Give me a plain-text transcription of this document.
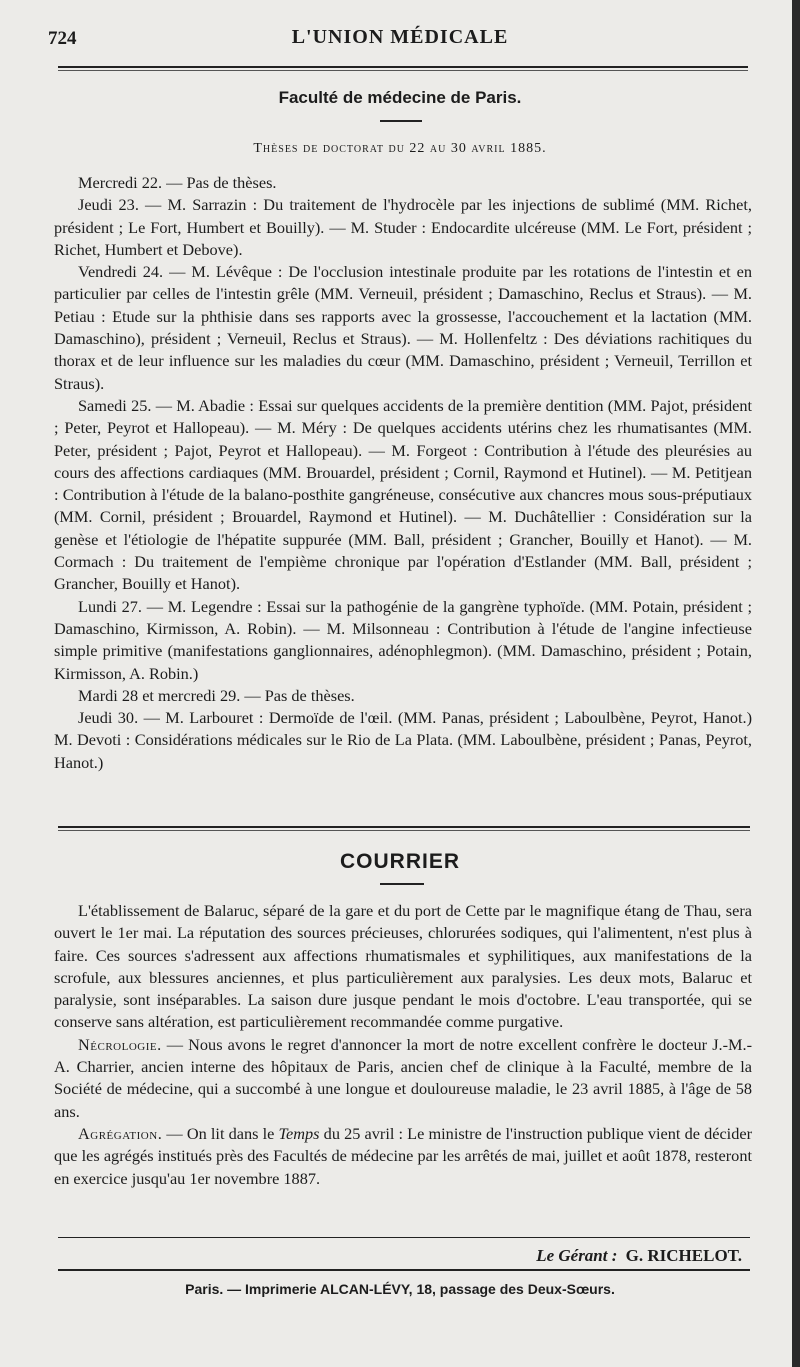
724	L'UNION MÉDICALE
Faculté de médecine de Paris.
Thèses de doctorat du 22 au 30 avril 1885.

Mercredi 22. — Pas de thèses.

Jeudi 23. — M. Sarrazin : Du traitement de l'hydrocèle par les injections de sublimé (MM. Richet, président ; Le Fort, Humbert et Bouilly). — M. Studer : Endocardite ulcéreuse (MM. Le Fort, président ; Richet, Humbert et Debove).

Vendredi 24. — M. Lévêque : De l'occlusion intestinale produite par les rotations de l'intestin et en particulier par celles de l'intestin grêle (MM. Verneuil, président ; Damaschino, Reclus et Straus). — M. Petiau : Etude sur la phthisie dans ses rapports avec la grossesse, l'accouchement et la lactation (MM. Damaschino), président ; Verneuil, Reclus et Straus). — M. Hollenfeltz : Des déviations rachitiques du thorax et de leur influence sur les maladies du cœur (MM. Damaschino, président ; Verneuil, Terrillon et Straus).

Samedi 25. — M. Abadie : Essai sur quelques accidents de la première dentition (MM. Pajot, président ; Peter, Peyrot et Hallopeau). — M. Méry : De quelques accidents utérins chez les rhumatisantes (MM. Peter, président ; Pajot, Peyrot et Hallopeau). — M. Forgeot : Contribution à l'étude des pleurésies au cours des affections cardiaques (MM. Brouardel, président ; Cornil, Raymond et Hutinel). — M. Petitjean : Contribution à l'étude de la balano-posthite gangréneuse, consécutive aux chancres mous sous-préputiaux (MM. Cornil, président ; Brouardel, Raymond et Hutinel). — M. Duchâtellier : Considération sur la genèse et l'étiologie de l'hépatite suppurée (MM. Ball, président ; Grancher, Bouilly et Hanot). — M. Cormach : Du traitement de l'empième chronique par l'opération d'Estlander (MM. Ball, président ; Grancher, Bouilly et Hanot).

Lundi 27. — M. Legendre : Essai sur la pathogénie de la gangrène typhoïde. (MM. Potain, président ; Damaschino, Kirmisson, A. Robin). — M. Milsonneau : Contribution à l'étude de l'angine infectieuse simple primitive (manifestations ganglionnaires, adénophlegmon). (MM. Damaschino, président ; Potain, Kirmisson, A. Robin.)

Mardi 28 et mercredi 29. — Pas de thèses.

Jeudi 30. — M. Larbouret : Dermoïde de l'œil. (MM. Panas, président ; Laboulbène, Peyrot, Hanot.) M. Devoti : Considérations médicales sur le Rio de La Plata. (MM. Laboulbène, président ; Panas, Peyrot, Hanot.)

COURRIER

L'établissement de Balaruc, séparé de la gare et du port de Cette par le magnifique étang de Thau, sera ouvert le 1er mai. La réputation des sources précieuses, chlorurées sodiques, qui l'alimentent, n'est plus à faire. Ces sources s'adressent aux affections rhumatismales et syphilitiques, aux manifestations de la scrofule, aux blessures anciennes, et plus particulièrement aux paralysies. Les deux mots, Balaruc et paralysie, sont inséparables. La saison dure jusque pendant le mois d'octobre. L'eau transportée, qui se conserve sans altération, est particulièrement recommandée comme purgative.

Nécrologie. — Nous avons le regret d'annoncer la mort de notre excellent confrère le docteur J.-M.-A. Charrier, ancien interne des hôpitaux de Paris, ancien chef de clinique à la Faculté, membre de la Société de médecine, qui a succombé à une longue et douloureuse maladie, le 23 avril 1885, à l'âge de 58 ans.

Agrégation. — On lit dans le Temps du 25 avril : Le ministre de l'instruction publique vient de décider que les agrégés institués près des Facultés de médecine par les arrêtés de mai, juillet et août 1878, resteront en exercice jusqu'au 1er novembre 1887.

Le Gérant : G. RICHELOT.
Paris. — Imprimerie ALCAN-LÉVY, 18, passage des Deux-Sœurs.
